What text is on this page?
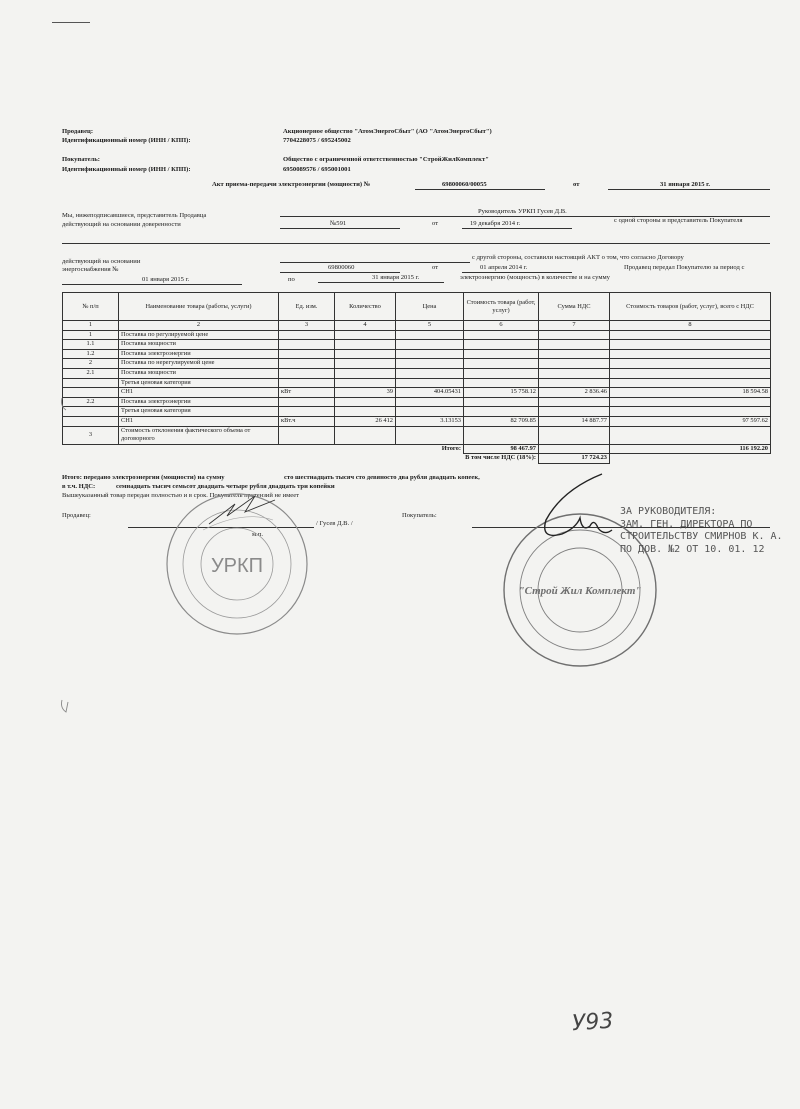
Продавец:
Идентификационный номер (ИНН / КПП):
Акционерное общество "АтомЭнергоСбыт" (АО "АтомЭнергоСбыт")
7704228075 / 695245002
Покупатель:
Идентификационный номер (ИНН / КПП):
Общество с ограниченной ответственностью "СтройЖилКомплект"
6950089576 / 695001001
Акт приема-передачи электроэнергии (мощности) №	69800060/00055	от	31 января 2015 г.
Мы, нижеподписавшиеся, представитель Продавца
Руководитель УРКП Гусев Д.В.
действующий на основании доверенности	№591	от	19 декабря 2014 г.	с одной стороны и представитель Покупателя
действующий на основании
с другой стороны, составили настоящий АКТ о том, что согласно Договору
энергоснабжения №	69800060	от	01 апреля 2014 г.	Продавец передал Покупателю за период с
01 января 2015 г.	по	31 января 2015 г.	электроэнергию (мощность) в количестве и на сумму
№ п/п	Наименование товара (работы, услуги)	Ед. изм.	Количество	Цена	Стоимость товара (работ, услуг)	Сумма НДС	Стоимость товаров (работ, услуг), всего с НДС
1	2	3	4	5	6	7	8
1	Поставка по регулируемой цене						
1.1	Поставка мощности						
1.2	Поставка электроэнергии						
2	Поставка по нерегулируемой цене						
2.1	Поставка мощности						
	Третья ценовая категория						
	СН1	кВт	39	404.05431	15 758.12	2 836.46	18 594.58
2.2	Поставка электроэнергии						
	Третья ценовая категория						
	СН1	кВт.ч	26 412	3.13153	82 709.85	14 887.77	97 597.62
3	Стоимость отклонения фактического объема от договорного						
				Итого:	98 467.97		116 192.20
				В том числе НДС (18%):		17 724.23	
Итого: передано электроэнергии (мощности) на сумму	сто шестнадцать тысяч сто девяносто два рубля двадцать копеек,
в т.ч. НДС:	семнадцать тысяч семьсот двадцать четыре рубля двадцать три копейки
Вышеуказанный товар передан полностью и в срок. Покупатель претензий не имеет
Продавец:
/ Гусев Д.В. /
м.п.
Покупатель:
УРКП
"Строй Жил Комплект"
ЗА РУКОВОДИТЕЛЯ:
ЗАМ. ГЕН. ДИРЕКТОРА ПО
СТРОИТЕЛЬСТВУ СМИРНОВ К. А.
ПО ДОВ. №2 ОТ 10. 01. 12
У93
